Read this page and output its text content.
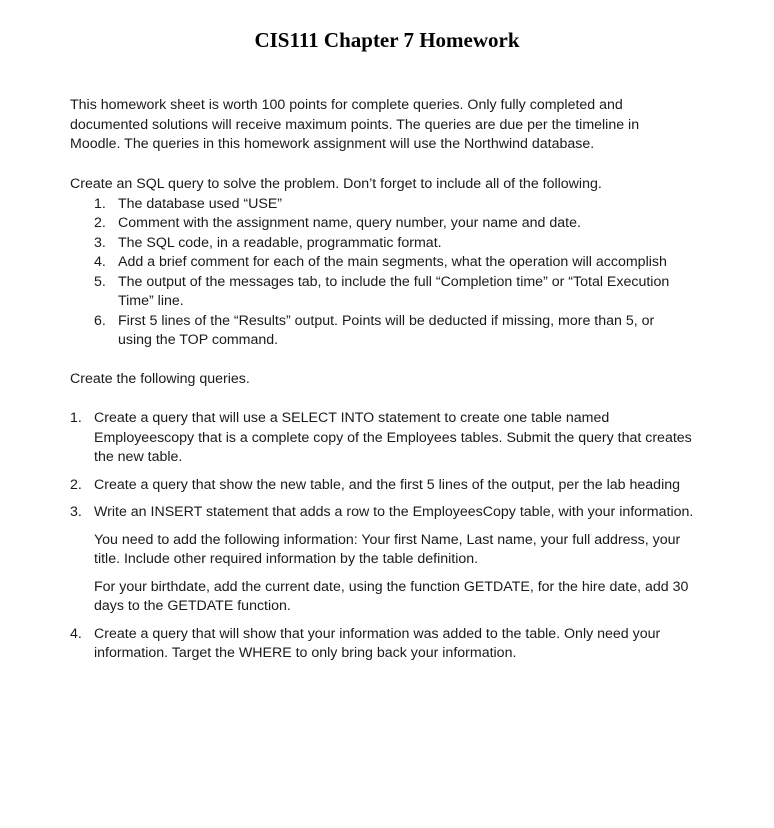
CIS111 Chapter 7 Homework
This homework sheet is worth 100 points for complete queries. Only fully completed and documented solutions will receive maximum points. The queries are due per the timeline in Moodle. The queries in this homework assignment will use the Northwind database.
Create an SQL query to solve the problem. Don’t forget to include all of the following.
1. The database used “USE”
2. Comment with the assignment name, query number, your name and date.
3. The SQL code, in a readable, programmatic format.
4. Add a brief comment for each of the main segments, what the operation will accomplish
5. The output of the messages tab, to include the full “Completion time” or “Total Execution Time” line.
6. First 5 lines of the “Results” output. Points will be deducted if missing, more than 5, or using the TOP command.
Create the following queries.
1. Create a query that will use a SELECT INTO statement to create one table named Employeescopy that is a complete copy of the Employees tables. Submit the query that creates the new table.
2. Create a query that show the new table, and the first 5 lines of the output, per the lab heading
3. Write an INSERT statement that adds a row to the EmployeesCopy table, with your information.
You need to add the following information: Your first Name, Last name, your full address, your title. Include other required information by the table definition.
For your birthdate, add the current date, using the function GETDATE, for the hire date, add 30 days to the GETDATE function.
4. Create a query that will show that your information was added to the table. Only need your information. Target the WHERE to only bring back your information.
